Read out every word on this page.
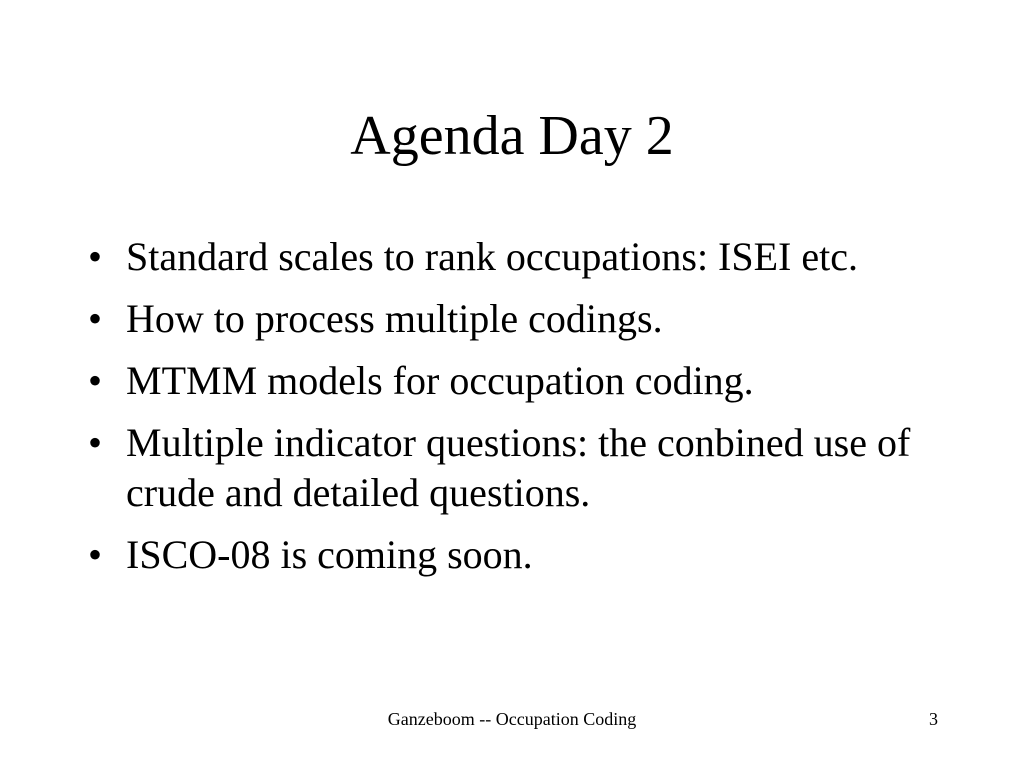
Agenda Day 2
• Standard scales to rank occupations: ISEI etc.
• How to process multiple codings.
• MTMM models for occupation coding.
• Multiple indicator questions: the conbined use of crude and detailed questions.
• ISCO-08 is coming soon.
Ganzeboom -- Occupation Coding	3
